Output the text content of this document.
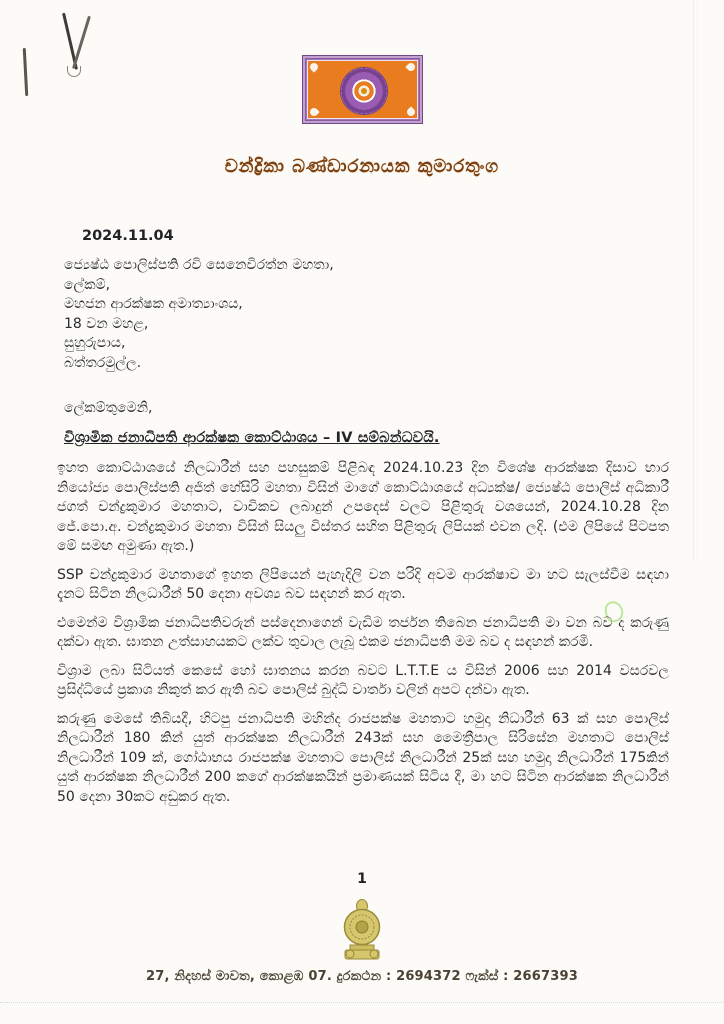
චන්ද්‍රිකා බණ්ඩාරනායක කුමාරතුංග
2024.11.04
ජ්‍යෙෂ්ඨ පොලිස්පති රවි සෙනෙවිරත්න මහතා,
ලේකම්,
මහජන ආරක්ෂක අමාත්‍යාංශය,
18 වන මහළ,
සුහුරුපාය,
බත්තරමුල්ල.
ලේකම්තුමෙනි,
විශ්‍රාමික ජනාධිපති ආරක්ෂක කොට්ඨාශය – IV සම්බන්ධවයි.

ඉහත කොට්ඨාශයේ නිලධාරීන් සහ පහසුකම් පිළිබඳ 2024.10.23 දින විශේෂ ආරක්ෂක දිසාව භාර නියෝජ්‍ය පොලිස්පති අජිත් හේසිරි මහතා විසින් මාගේ කොට්ඨාශයේ අධ්‍යක්ෂ/ ජ්‍යෙෂ්ඨ පොලිස් අධිකාරී ජගත් චන්ද්‍රකුමාර මහතාට, වාචිකව ලබාදුන් උපදෙස් වලට පිළිතුරු වශයෙන්, 2024.10.28 දින ජේ.පො.අ. චන්ද්‍රකුමාර මහතා විසින් සියලු විස්තර සහිත පිළිතුරු ලිපියක් එවන ලදි. (එම ලිපියේ පිටපත මේ සමඟ අමුණා ඇත.)

SSP චන්ද්‍රකුමාර මහතාගේ ඉහත ලිපියෙන් පැහැදිලි වන පරිදි අවම ආරක්ෂාව මා හට සැලස්වීම සඳහා දැනට සිටින නිලධාරීන් 50 දෙනා අවශ්‍ය බව සඳහන් කර ඇත.

එමෙන්ම විශ්‍රාමික ජනාධිපතිවරුන් පස්දෙනාගෙන් වැඩිම තර්ජන තිබෙන ජනාධිපති මා වන බව ද කරුණු දක්වා ඇත. ඝාතන උත්සාහයකට ලක්ව තුවාල ලැබූ එකම ජනාධිපති මම බව ද සඳහන් කරමි.

විශ්‍රාම ලබා සිටියත් කෙසේ හෝ ඝාතනය කරන බවට L.T.T.E ය විසින් 2006 සහ 2014 වසරවල ප්‍රසිද්ධියේ ප්‍රකාශ නිකුත් කර ඇති බව පොලිස් බුද්ධි වාර්තා වලින් අපට දන්වා ඇත.

කරුණු මෙසේ තිබියදී, හිටපු ජනාධිපති මහින්ද රාජපක්ෂ මහතාට හමුදා නිධාරීන් 63 ක් සහ පොලිස් නිලධාරීන් 180 කින් යුත් ආරක්ෂක නිලධාරීන් 243ක් සහ මෛත්‍රීපාල සිරිසේන මහතාට පොලිස් නිලධාරීන් 109 ක්, ගෝඨාභය රාජපක්ෂ මහතාට පොලිස් නිලධාරීන් 25ක් සහ හමුදා නිලධාරීන් 175කින් යුත් ආරක්ෂක නිලධාරීන් 200 කගේ ආරක්ෂකයින් ප්‍රමාණයක් සිටිය දී, මා හට සිටින ආරක්ෂක නිලධාරීන් 50 දෙනා 30කට අඩුකර ඇත.

1
27, නිදහස් මාවත, කොළඹ 07. දුරකථන : 2694372 ෆැක්ස් : 2667393
